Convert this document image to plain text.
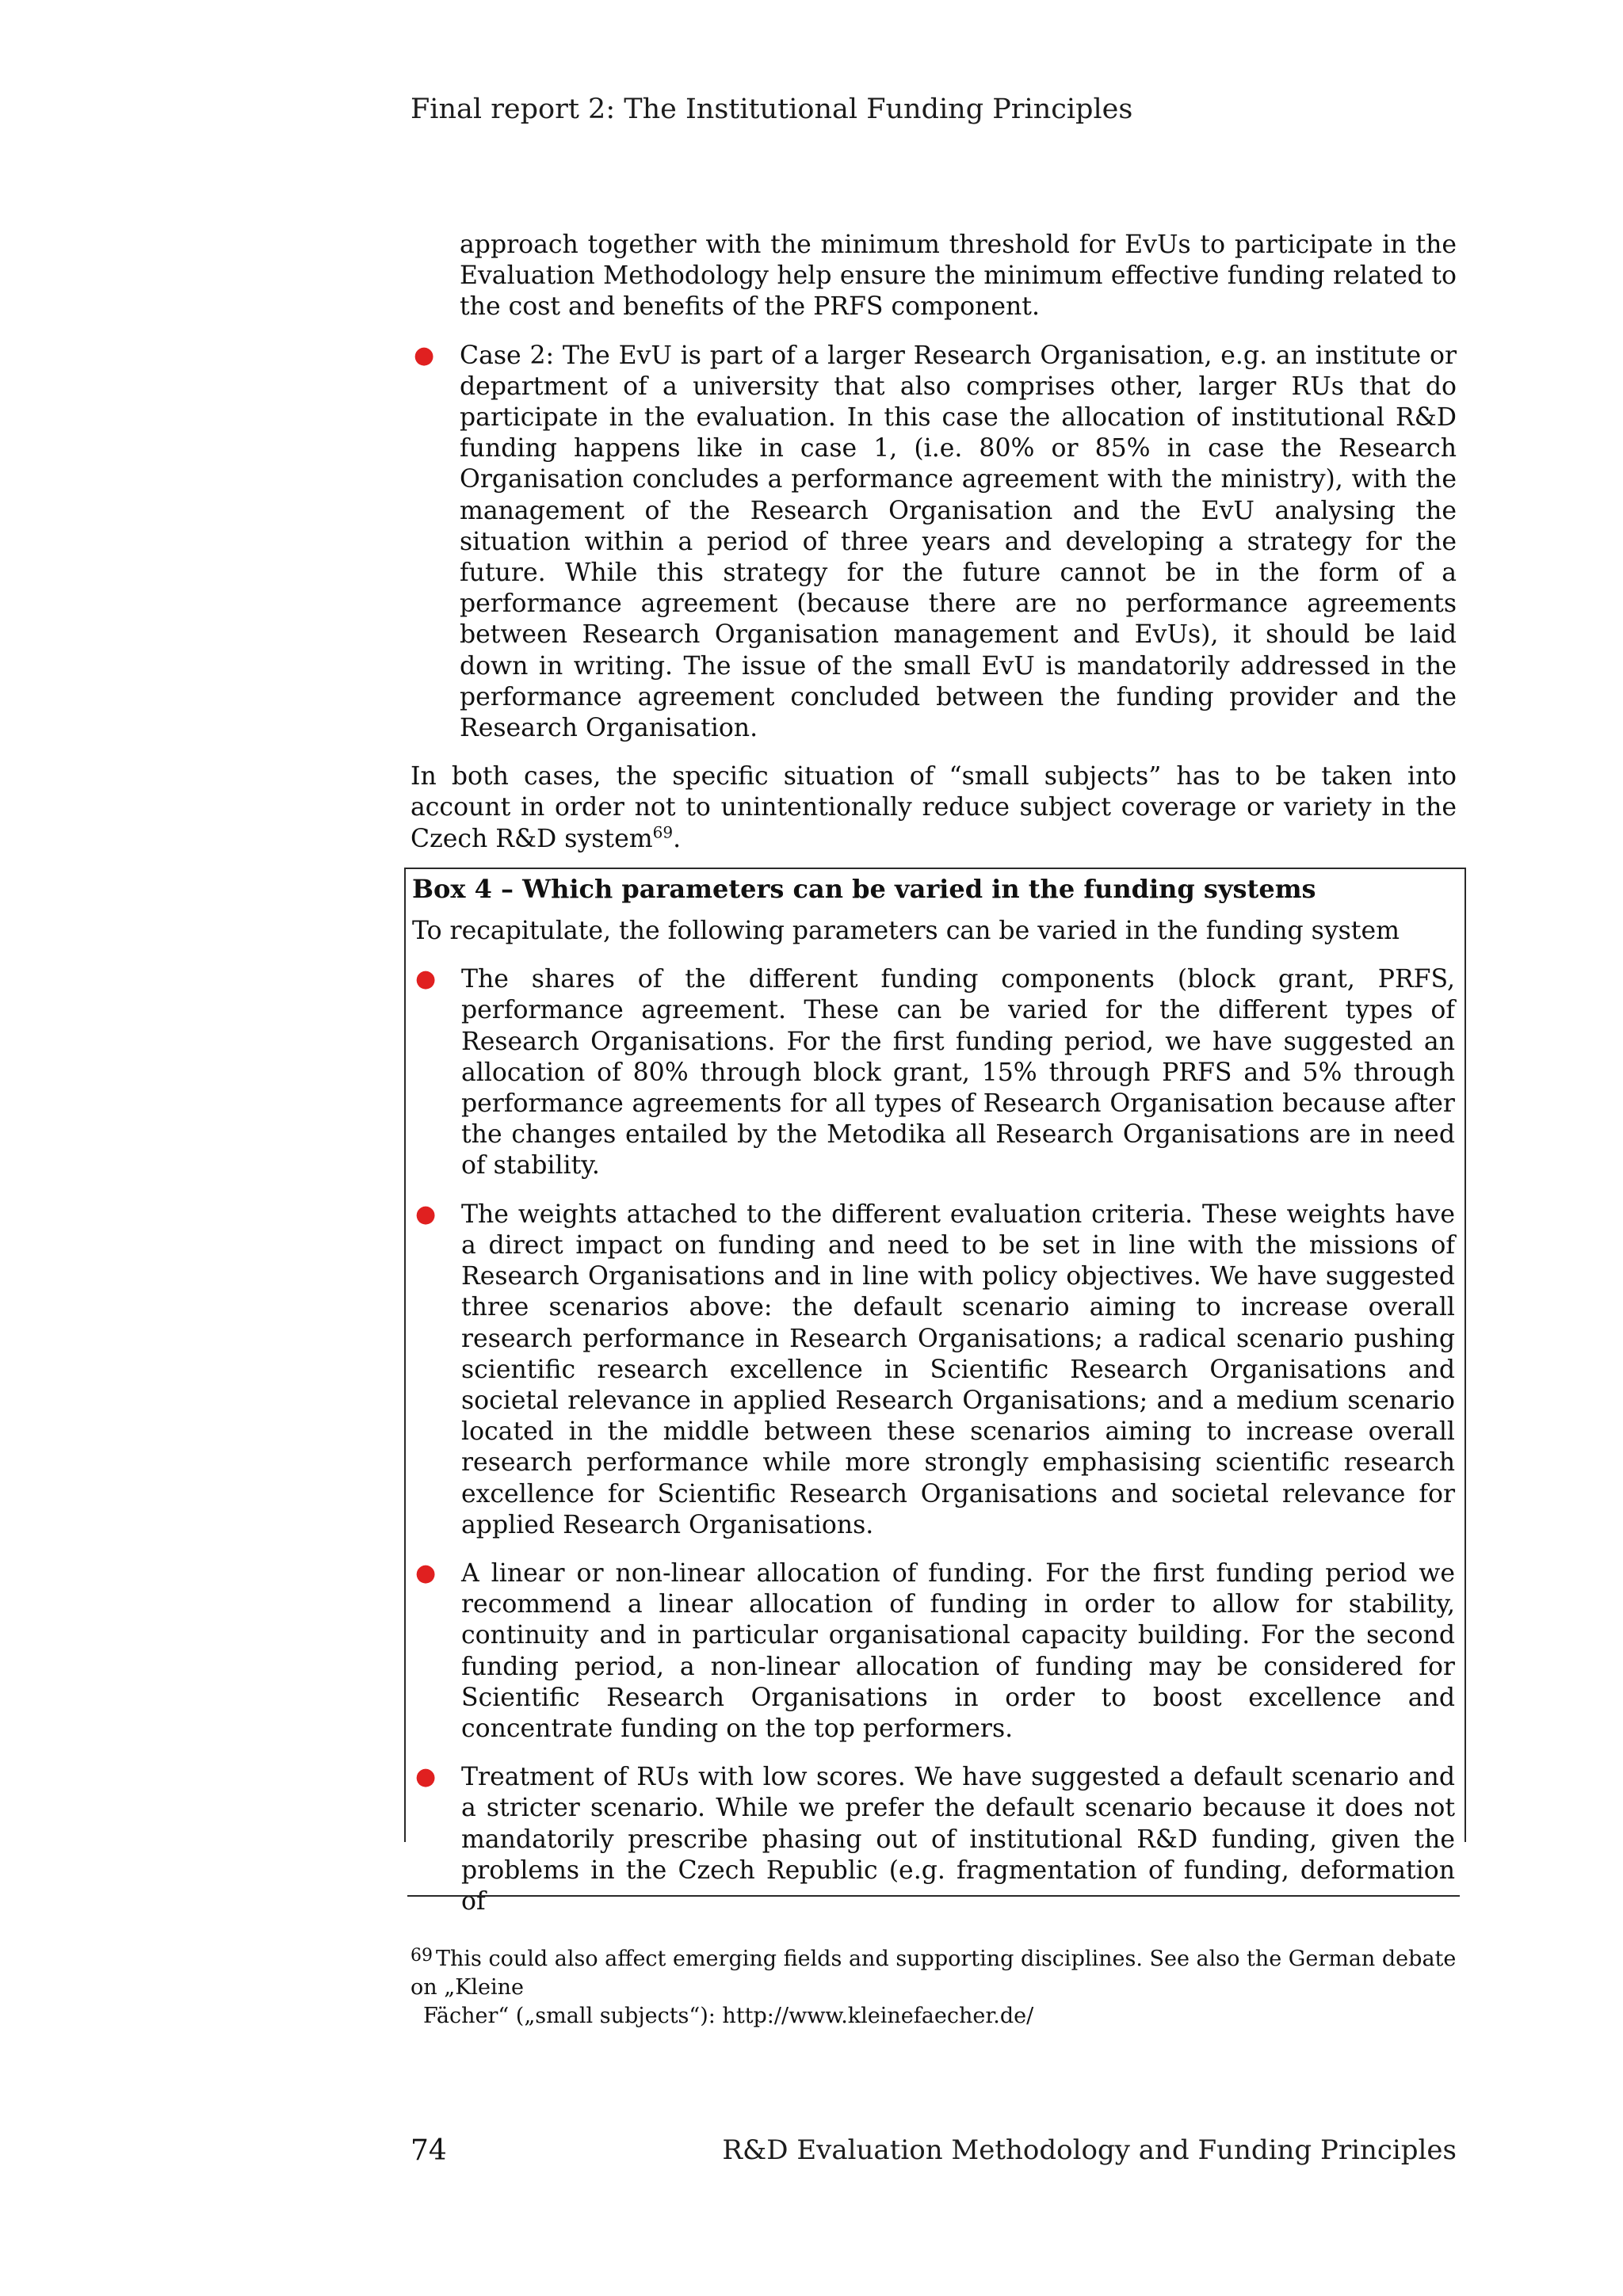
Final report 2: The Institutional Funding Principles

approach together with the minimum threshold for EvUs to participate in the Evaluation Methodology help ensure the minimum effective funding related to the cost and benefits of the PRFS component.

● Case 2: The EvU is part of a larger Research Organisation, e.g. an institute or department of a university that also comprises other, larger RUs that do participate in the evaluation. In this case the allocation of institutional R&D funding happens like in case 1, (i.e. 80% or 85% in case the Research Organisation concludes a performance agreement with the ministry), with the management of the Research Organisation and the EvU analysing the situation within a period of three years and developing a strategy for the future. While this strategy for the future cannot be in the form of a performance agreement (because there are no performance agreements between Research Organisation management and EvUs), it should be laid down in writing. The issue of the small EvU is mandatorily addressed in the performance agreement concluded between the funding provider and the Research Organisation.

In both cases, the specific situation of “small subjects” has to be taken into account in order not to unintentionally reduce subject coverage or variety in the Czech R&D system$^{69}$.

Box 4 – Which parameters can be varied in the funding systems

To recapitulate, the following parameters can be varied in the funding system

● The shares of the different funding components (block grant, PRFS, performance agreement. These can be varied for the different types of Research Organisations. For the first funding period, we have suggested an allocation of 80% through block grant, 15% through PRFS and 5% through performance agreements for all types of Research Organisation because after the changes entailed by the Metodika all Research Organisations are in need of stability.
● The weights attached to the different evaluation criteria. These weights have a direct impact on funding and need to be set in line with the missions of Research Organisations and in line with policy objectives. We have suggested three scenarios above: the default scenario aiming to increase overall research performance in Research Organisations; a radical scenario pushing scientific research excellence in Scientific Research Organisations and societal relevance in applied Research Organisations; and a medium scenario located in the middle between these scenarios aiming to increase overall research performance while more strongly emphasising scientific research excellence for Scientific Research Organisations and societal relevance for applied Research Organisations.
● A linear or non-linear allocation of funding. For the first funding period we recommend a linear allocation of funding in order to allow for stability, continuity and in particular organisational capacity building. For the second funding period, a non-linear allocation of funding may be considered for Scientific Research Organisations in order to boost excellence and concentrate funding on the top performers.
● Treatment of RUs with low scores. We have suggested a default scenario and a stricter scenario. While we prefer the default scenario because it does not mandatorily prescribe phasing out of institutional R&D funding, given the problems in the Czech Republic (e.g. fragmentation of funding, deformation of
$^{69}$ This could also affect emerging fields and supporting disciplines. See also the German debate on „Kleine
Fächer“ („small subjects“): http://www.kleinefaecher.de/
74	R&D Evaluation Methodology and Funding Principles
